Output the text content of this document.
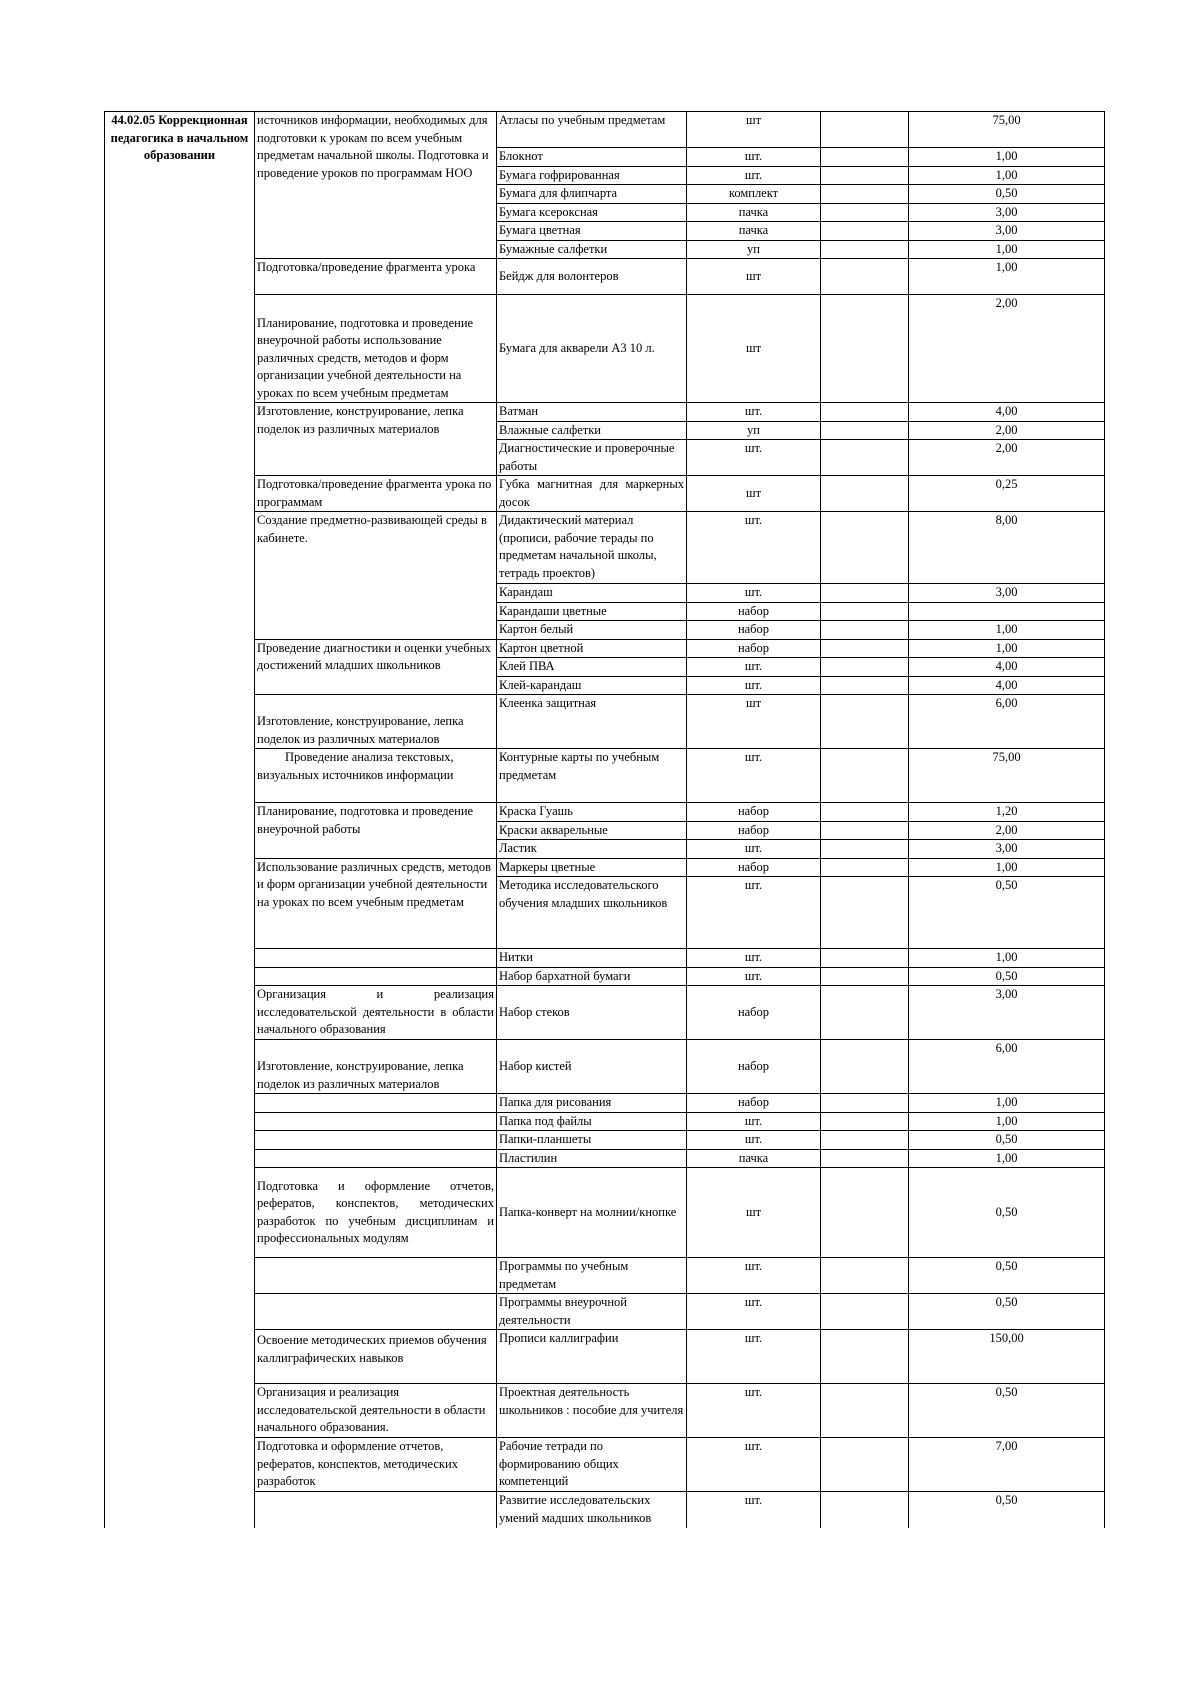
44.02.05 Коррекционная педагогика в начальном образовании	источников информации, необходимых для подготовки к урокам по всем учебным предметам начальной школы. Подготовка и проведение уроков по программам НОО	Атласы по учебным предметам	шт		75,00
		Блокнот	шт.		1,00
		Бумага гофрированная	шт.		1,00
		Бумага для флипчарта	комплект		0,50
		Бумага ксероксная	пачка		3,00
		Бумага цветная	пачка		3,00
		Бумажные салфетки	уп		1,00
	Подготовка/проведение фрагмента урока	Бейдж для волонтеров	шт		1,00
	Планирование, подготовка и проведение внеурочной работы использование различных средств, методов и форм организации учебной деятельности на уроках по всем учебным предметам	Бумага для акварели А3 10 л.	шт		2,00
	Изготовление, конструирование, лепка поделок из различных материалов	Ватман	шт.		4,00
		Влажные салфетки	уп		2,00
		Диагностические и проверочные работы	шт.		2,00
	Подготовка/проведение фрагмента урока по программам	Губка магнитная для маркерных досок	шт		0,25
	Создание предметно-развивающей среды в кабинете.	Дидактический материал (прописи, рабочие терады по предметам начальной школы, тетрадь проектов)	шт.		8,00
		Карандаш	шт.		3,00
		Карандаши цветные	набор		
		Картон белый	набор		1,00
	Проведение диагностики и оценки учебных достижений младших школьников	Картон цветной	набор		1,00
		Клей ПВА	шт.		4,00
		Клей-карандаш	шт.		4,00
	Изготовление, конструирование, лепка поделок из различных материалов	Клеенка защитная	шт		6,00
	Проведение анализа текстовых, визуальных источников информации	Контурные карты по учебным предметам	шт.		75,00
	Планирование, подготовка и проведение внеурочной работы	Краска Гуашь	набор		1,20
		Краски акварельные	набор		2,00
		Ластик	шт.		3,00
	Использование различных средств, методов и форм организации учебной деятельности на уроках по всем учебным предметам	Маркеры цветные	набор		1,00
		Методика исследовательского обучения младших школьников	шт.		0,50
		Нитки	шт.		1,00
		Набор бархатной бумаги	шт.		0,50
	Организация и реализация исследовательской деятельности в области начального образования	Набор стеков	набор		3,00
	Изготовление, конструирование, лепка поделок из различных материалов	Набор кистей	набор		6,00
		Папка для рисования	набор		1,00
		Папка под файлы	шт.		1,00
		Папки-планшеты	шт.		0,50
		Пластилин	пачка		1,00
	Подготовка и оформление отчетов, рефератов, конспектов, методических разработок по учебным дисциплинам и профессиональных модулям	Папка-конверт на молнии/кнопке	шт		0,50
		Программы по учебным предметам	шт.		0,50
		Программы внеурочной деятельности	шт.		0,50
	Освоение методических приемов обучения каллиграфических навыков	Прописи каллиграфии	шт.		150,00
	Организация и реализация исследовательской деятельности в области начального образования.	Проектная деятельность школьников : пособие для учителя	шт.		0,50
	Подготовка и оформление отчетов, рефератов, конспектов, методических разработок	Рабочие тетради по формированию общих компетенций	шт.		7,00
		Развитие исследовательских умений мадших школьников	шт.		0,50
